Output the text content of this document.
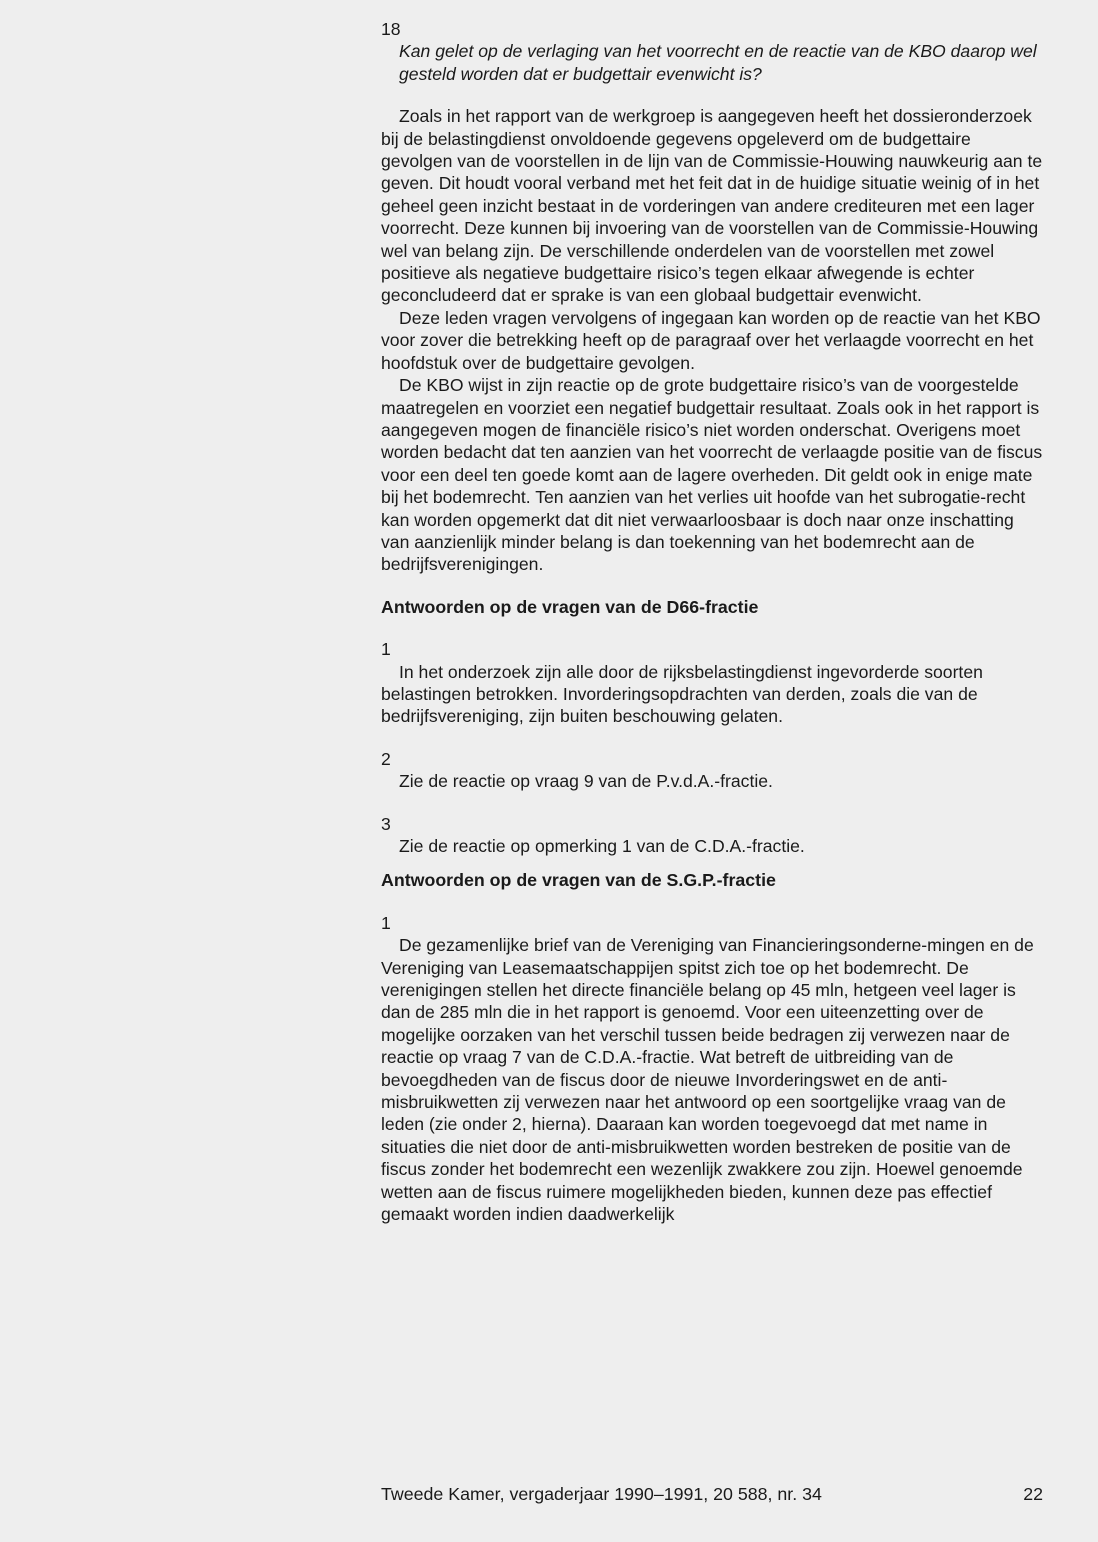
18
Kan gelet op de verlaging van het voorrecht en de reactie van de KBO daarop wel gesteld worden dat er budgettair evenwicht is?

Zoals in het rapport van de werkgroep is aangegeven heeft het dossieronderzoek bij de belastingdienst onvoldoende gegevens opgeleverd om de budgettaire gevolgen van de voorstellen in de lijn van de Commissie-Houwing nauwkeurig aan te geven. Dit houdt vooral verband met het feit dat in de huidige situatie weinig of in het geheel geen inzicht bestaat in de vorderingen van andere crediteuren met een lager voorrecht. Deze kunnen bij invoering van de voorstellen van de Commissie-Houwing wel van belang zijn. De verschillende onderdelen van de voorstellen met zowel positieve als negatieve budgettaire risico’s tegen elkaar afwegende is echter geconcludeerd dat er sprake is van een globaal budgettair evenwicht.

Deze leden vragen vervolgens of ingegaan kan worden op de reactie van het KBO voor zover die betrekking heeft op de paragraaf over het verlaagde voorrecht en het hoofdstuk over de budgettaire gevolgen.

De KBO wijst in zijn reactie op de grote budgettaire risico’s van de voorgestelde maatregelen en voorziet een negatief budgettair resultaat. Zoals ook in het rapport is aangegeven mogen de financiële risico’s niet worden onderschat. Overigens moet worden bedacht dat ten aanzien van het voorrecht de verlaagde positie van de fiscus voor een deel ten goede komt aan de lagere overheden. Dit geldt ook in enige mate bij het bodemrecht. Ten aanzien van het verlies uit hoofde van het subrogatie-recht kan worden opgemerkt dat dit niet verwaarloosbaar is doch naar onze inschatting van aanzienlijk minder belang is dan toekenning van het bodemrecht aan de bedrijfsverenigingen.

Antwoorden op de vragen van de D66-fractie
1

In het onderzoek zijn alle door de rijksbelastingdienst ingevorderde soorten belastingen betrokken. Invorderingsopdrachten van derden, zoals die van de bedrijfsvereniging, zijn buiten beschouwing gelaten.

2

Zie de reactie op vraag 9 van de P.v.d.A.-fractie.

3

Zie de reactie op opmerking 1 van de C.D.A.-fractie.

Antwoorden op de vragen van de S.G.P.-fractie
1

De gezamenlijke brief van de Vereniging van Financieringsonderne-mingen en de Vereniging van Leasemaatschappijen spitst zich toe op het bodemrecht. De verenigingen stellen het directe financiële belang op 45 mln, hetgeen veel lager is dan de 285 mln die in het rapport is genoemd. Voor een uiteenzetting over de mogelijke oorzaken van het verschil tussen beide bedragen zij verwezen naar de reactie op vraag 7 van de C.D.A.-fractie. Wat betreft de uitbreiding van de bevoegdheden van de fiscus door de nieuwe Invorderingswet en de anti-misbruikwetten zij verwezen naar het antwoord op een soortgelijke vraag van de leden (zie onder 2, hierna). Daaraan kan worden toegevoegd dat met name in situaties die niet door de anti-misbruikwetten worden bestreken de positie van de fiscus zonder het bodemrecht een wezenlijk zwakkere zou zijn. Hoewel genoemde wetten aan de fiscus ruimere mogelijkheden bieden, kunnen deze pas effectief gemaakt worden indien daadwerkelijk

Tweede Kamer, vergaderjaar 1990–1991, 20 588, nr. 34	22
